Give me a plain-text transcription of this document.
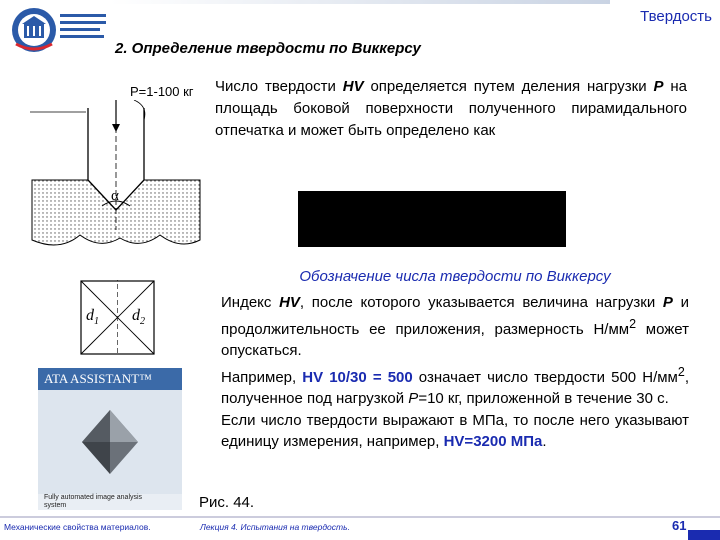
Твердость
2. Определение твердости по Виккерсу
P=1-100 кг
α
$d_1$ $d_2$
ATA ASSISTANT™
Fully automated image analysis system
Число твердости HV определяется путем деления нагрузки P на площадь боковой поверхности полученного пирамидального отпечатка и может быть определено как
Обозначение числа твердости по Виккерсу
Индекс HV, после которого указывается величина нагрузки P и продолжительность ее приложения, размерность $Н/мм^2$ может опускаться.
Например, HV 10/30 = 500 означает число твердости 500 $Н/мм^2$, полученное под нагрузкой P=10 кг, приложенной в течение 30 с.
Если число твердости выражают в МПа, то после него указывают единицу измерения, например, HV=3200 МПа.
Рис. 44.
Механические свойства материалов.	Лекция 4. Испытания на твердость.	61
